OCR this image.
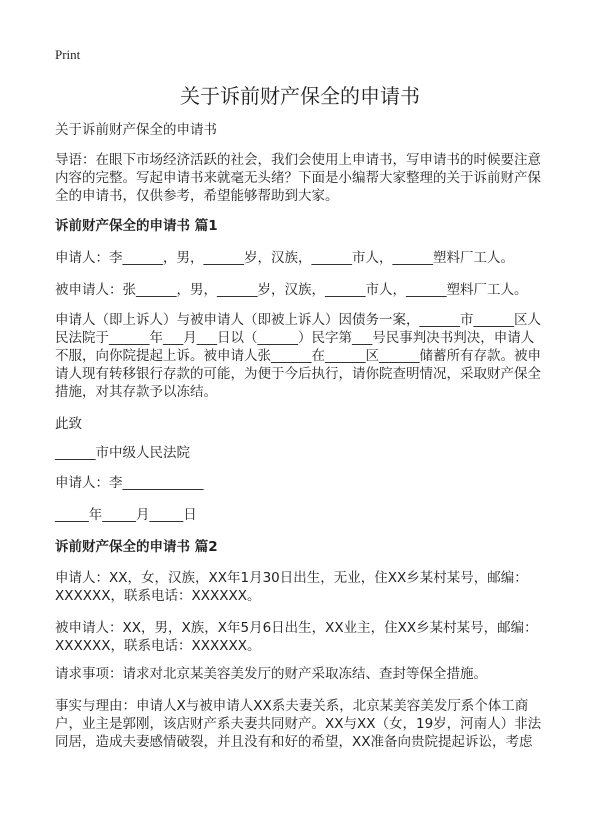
Print
关于诉前财产保全的申请书
关于诉前财产保全的申请书
导语：在眼下市场经济活跃的社会，我们会使用上申请书，写申请书的时候要注意
内容的完整。写起申请书来就毫无头绪？下面是小编帮大家整理的关于诉前财产保
全的申请书，仅供参考，希望能够帮助到大家。
诉前财产保全的申请书 篇1
申请人：李______，男，______岁，汉族，______市人，______塑料厂工人。
被申请人：张______，男，______岁，汉族，______市人，______塑料厂工人。
申请人（即上诉人）与被申请人（即被上诉人）因债务一案，______市______区人
民法院于______年___月___日以（______）民字第___号民事判决书判决，申请人
不服，向你院提起上诉。被申请人张______在______区______储蓄所有存款。被申
请人现有转移银行存款的可能，为便于今后执行，请你院查明情况，采取财产保全
措施，对其存款予以冻结。
此致
______市中级人民法院
申请人：李____________
_____年_____月_____日
诉前财产保全的申请书 篇2
申请人：XX，女，汉族，XX年1月30日出生，无业，住XX乡某村某号，邮编：
XXXXXX，联系电话：XXXXXX。
被申请人：XX，男，X族，X年5月6日出生，XX业主，住XX乡某村某号，邮编：
XXXXXX，联系电话：XXXXXX。
请求事项：请求对北京某美容美发厅的财产采取冻结、查封等保全措施。
事实与理由：申请人X与被申请人XX系夫妻关系，北京某美容美发厅系个体工商
户，业主是郭刚，该店财产系夫妻共同财产。XX与XX（女，19岁，河南人）非法
同居，造成夫妻感情破裂，并且没有和好的希望，XX准备向贵院提起诉讼，考虑
